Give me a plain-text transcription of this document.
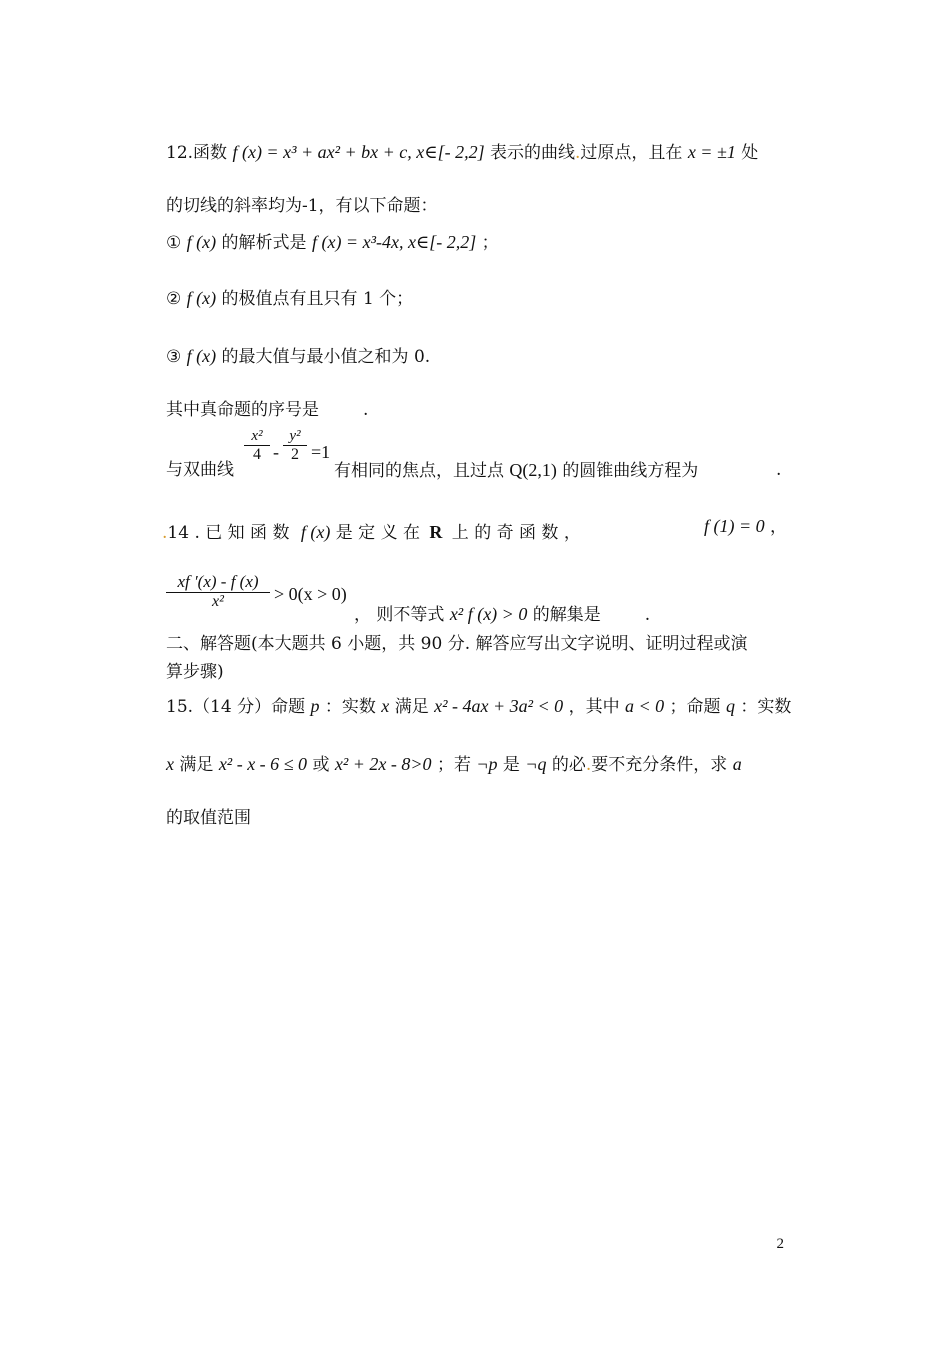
12.函数 f (x) = x³ + ax² + bx + c, x∈[- 2,2] 表示的曲线.过原点，且在 x = ±1 处
的切线的斜率均为-1，有以下命题：
① f (x) 的解析式是 f (x) = x³-4x, x∈[- 2,2] ；
② f (x) 的极值点有且只有 1 个；
③ f (x) 的最大值与最小值之和为 0.
其中真命题的序号是	.
x²
4 -
y²
2 =1
与双曲线	有相同的焦点，且过点 Q(2,1) 的圆锥曲线方程为	.
.14 . 已 知 函 数 f (x) 是 定 义 在 R 上 的 奇 函 数 ，	f (1) = 0 ，
xf ′(x) - f (x)
x²	> 0(x > 0)
， 则不等式 x² f (x) > 0 的解集是	.
二、解答题(本大题共 6 小题，共 90 分. 解答应写出文字说明、证明过程或演
算步骤)
15.（14 分）命题 p ：实数 x 满足 x² - 4ax + 3a² < 0 ，其中 a < 0 ；命题 q ：实数
x 满足 x² - x - 6 ≤ 0 或 x² + 2x - 8>0 ；若 ¬p 是 ¬q 的必.要不充分条件，求 a
的取值范围
2
